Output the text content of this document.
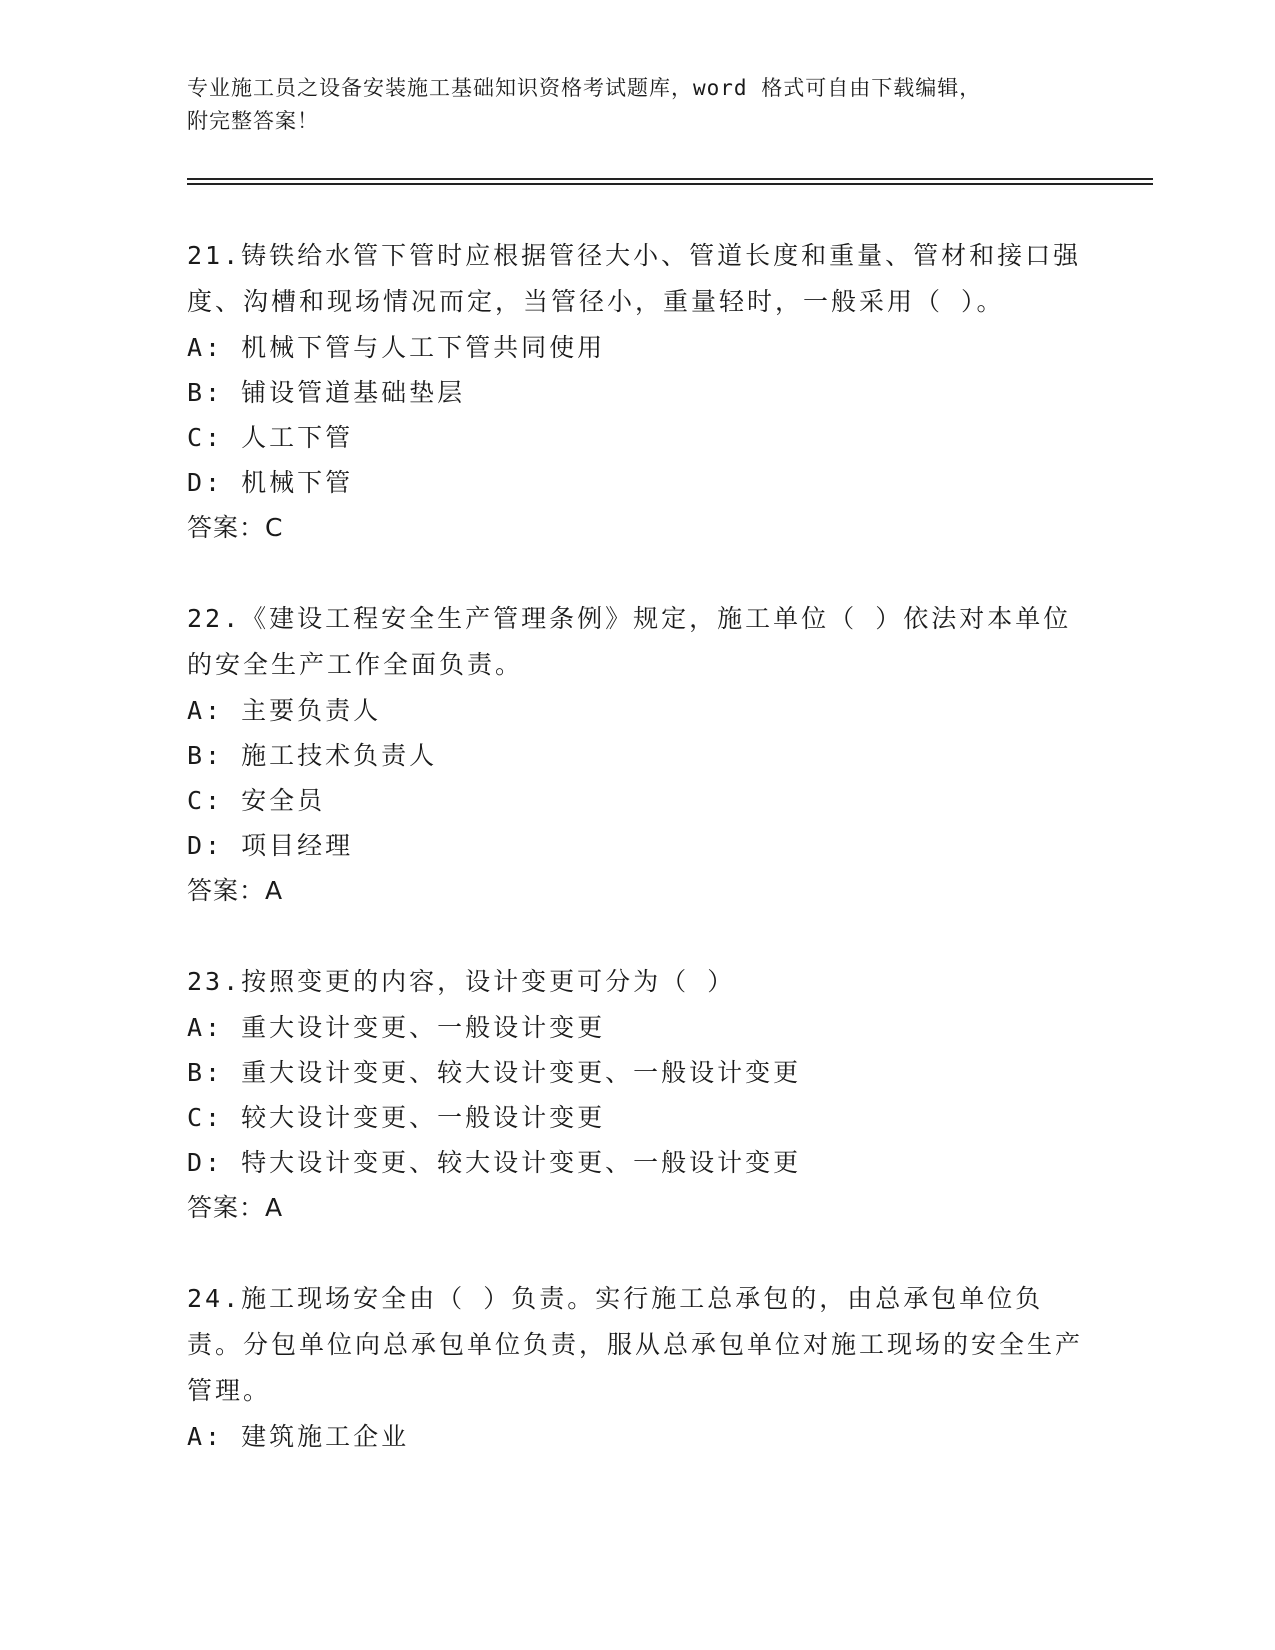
专业施工员之设备安装施工基础知识资格考试题库，word 格式可自由下载编辑，
附完整答案！

21.铸铁给水管下管时应根据管径大小、管道长度和重量、管材和接口强度、沟槽和现场情况而定，当管径小，重量轻时，一般采用（ ）。

A: 机械下管与人工下管共同使用

B: 铺设管道基础垫层

C: 人工下管

D: 机械下管

答案：C

22.《建设工程安全生产管理条例》规定，施工单位（ ）依法对本单位的安全生产工作全面负责。

A: 主要负责人

B: 施工技术负责人

C: 安全员

D: 项目经理

答案：A

23.按照变更的内容，设计变更可分为（ ）

A: 重大设计变更、一般设计变更

B: 重大设计变更、较大设计变更、一般设计变更

C: 较大设计变更、一般设计变更

D: 特大设计变更、较大设计变更、一般设计变更

答案：A

24.施工现场安全由（ ）负责。实行施工总承包的，由总承包单位负责。分包单位向总承包单位负责，服从总承包单位对施工现场的安全生产管理。

A: 建筑施工企业
